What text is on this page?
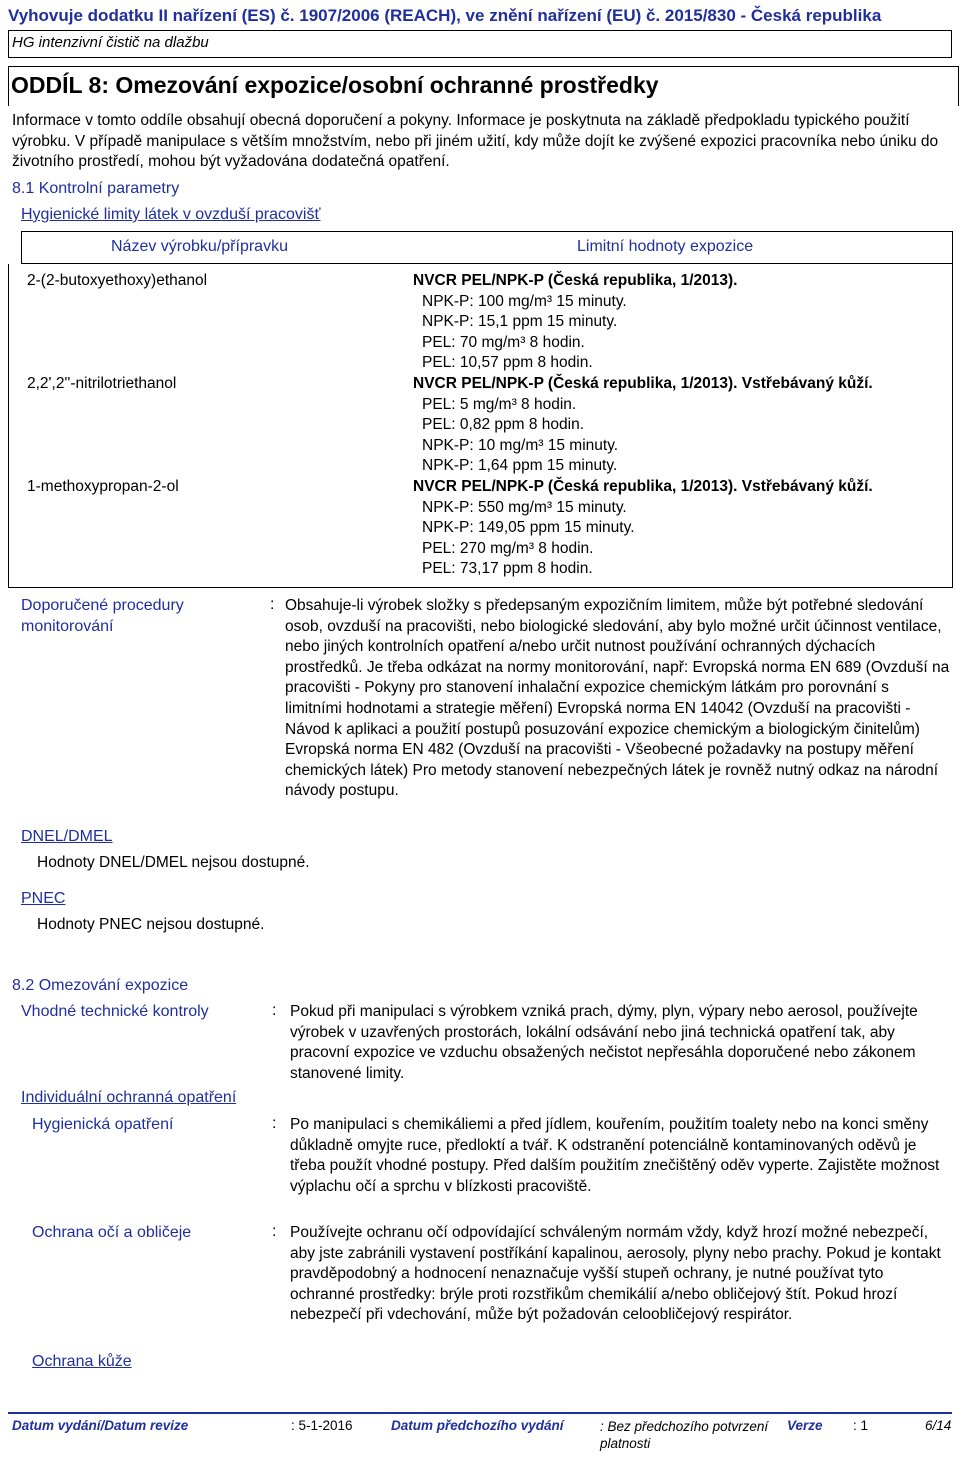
Vyhovuje dodatku II nařízení (ES) č. 1907/2006 (REACH), ve znění nařízení (EU) č. 2015/830 - Česká republika
HG intenzivní čistič na dlažbu
ODDÍL 8: Omezování expozice/osobní ochranné prostředky
Informace v tomto oddíle obsahují obecná doporučení a pokyny. Informace je poskytnuta na základě předpokladu typického použití výrobku. V případě manipulace s větším množstvím, nebo při jiném užití, kdy může dojít ke zvýšené expozici pracovníka nebo úniku do životního prostředí, mohou být vyžadována dodatečná opatření.
8.1 Kontrolní parametry
Hygienické limity látek v ovzduší pracovišť
Název výrobku/přípravku	Limitní hodnoty expozice
2-(2-butoxyethoxy)ethanol	NVCR PEL/NPK-P (Česká republika, 1/2013).
NPK-P: 100 mg/m³ 15 minuty.
NPK-P: 15,1 ppm 15 minuty.
PEL: 70 mg/m³ 8 hodin.
PEL: 10,57 ppm 8 hodin.
2,2',2''-nitrilotriethanol	NVCR PEL/NPK-P (Česká republika, 1/2013). Vstřebávaný kůží.
PEL: 5 mg/m³ 8 hodin.
PEL: 0,82 ppm 8 hodin.
NPK-P: 10 mg/m³ 15 minuty.
NPK-P: 1,64 ppm 15 minuty.
1-methoxypropan-2-ol	NVCR PEL/NPK-P (Česká republika, 1/2013). Vstřebávaný kůží.
NPK-P: 550 mg/m³ 15 minuty.
NPK-P: 149,05 ppm 15 minuty.
PEL: 270 mg/m³ 8 hodin.
PEL: 73,17 ppm 8 hodin.
Doporučené procedury monitorování
: Obsahuje-li výrobek složky s předepsaným expozičním limitem, může být potřebné sledování osob, ovzduší na pracovišti, nebo biologické sledování, aby bylo možné určit účinnost ventilace, nebo jiných kontrolních opatření a/nebo určit nutnost používání ochranných dýchacích prostředků. Je třeba odkázat na normy monitorování, např: Evropská norma EN 689 (Ovzduší na pracovišti - Pokyny pro stanovení inhalační expozice chemickým látkám pro porovnání s limitními hodnotami a strategie měření) Evropská norma EN 14042 (Ovzduší na pracovišti - Návod k aplikaci a použití postupů posuzování expozice chemickým a biologickým činitelům) Evropská norma EN 482 (Ovzduší na pracovišti - Všeobecné požadavky na postupy měření chemických látek) Pro metody stanovení nebezpečných látek je rovněž nutný odkaz na národní návody postupu.
DNEL/DMEL
Hodnoty DNEL/DMEL nejsou dostupné.
PNEC
Hodnoty PNEC nejsou dostupné.
8.2 Omezování expozice
Vhodné technické kontroly	: Pokud při manipulaci s výrobkem vzniká prach, dýmy, plyn, výpary nebo aerosol, používejte výrobek v uzavřených prostorách, lokální odsávání nebo jiná technická opatření tak, aby pracovní expozice ve vzduchu obsažených nečistot nepřesáhla doporučené nebo zákonem stanovené limity.
Individuální ochranná opatření
Hygienická opatření	: Po manipulaci s chemikáliemi a před jídlem, kouřením, použitím toalety nebo na konci směny důkladně omyjte ruce, předloktí a tvář. K odstranění potenciálně kontaminovaných oděvů je třeba použít vhodné postupy. Před dalším použitím znečištěný oděv vyperte. Zajistěte možnost výplachu očí a sprchu v blízkosti pracoviště.
Ochrana očí a obličeje	: Používejte ochranu očí odpovídající schváleným normám vždy, když hrozí možné nebezpečí, aby jste zabránili vystavení postříkání kapalinou, aerosoly, plyny nebo prachy. Pokud je kontakt pravděpodobný a hodnocení nenaznačuje vyšší stupeň ochrany, je nutné používat tyto ochranné prostředky: brýle proti rozstřikům chemikálií a/nebo obličejový štít. Pokud hrozí nebezpečí při vdechování, může být požadován celoobličejový respirátor.
Ochrana kůže
Datum vydání/Datum revize	: 5-1-2016	Datum předchozího vydání	: Bez předchozího potvrzení platnosti
Verze : 1	6/14
